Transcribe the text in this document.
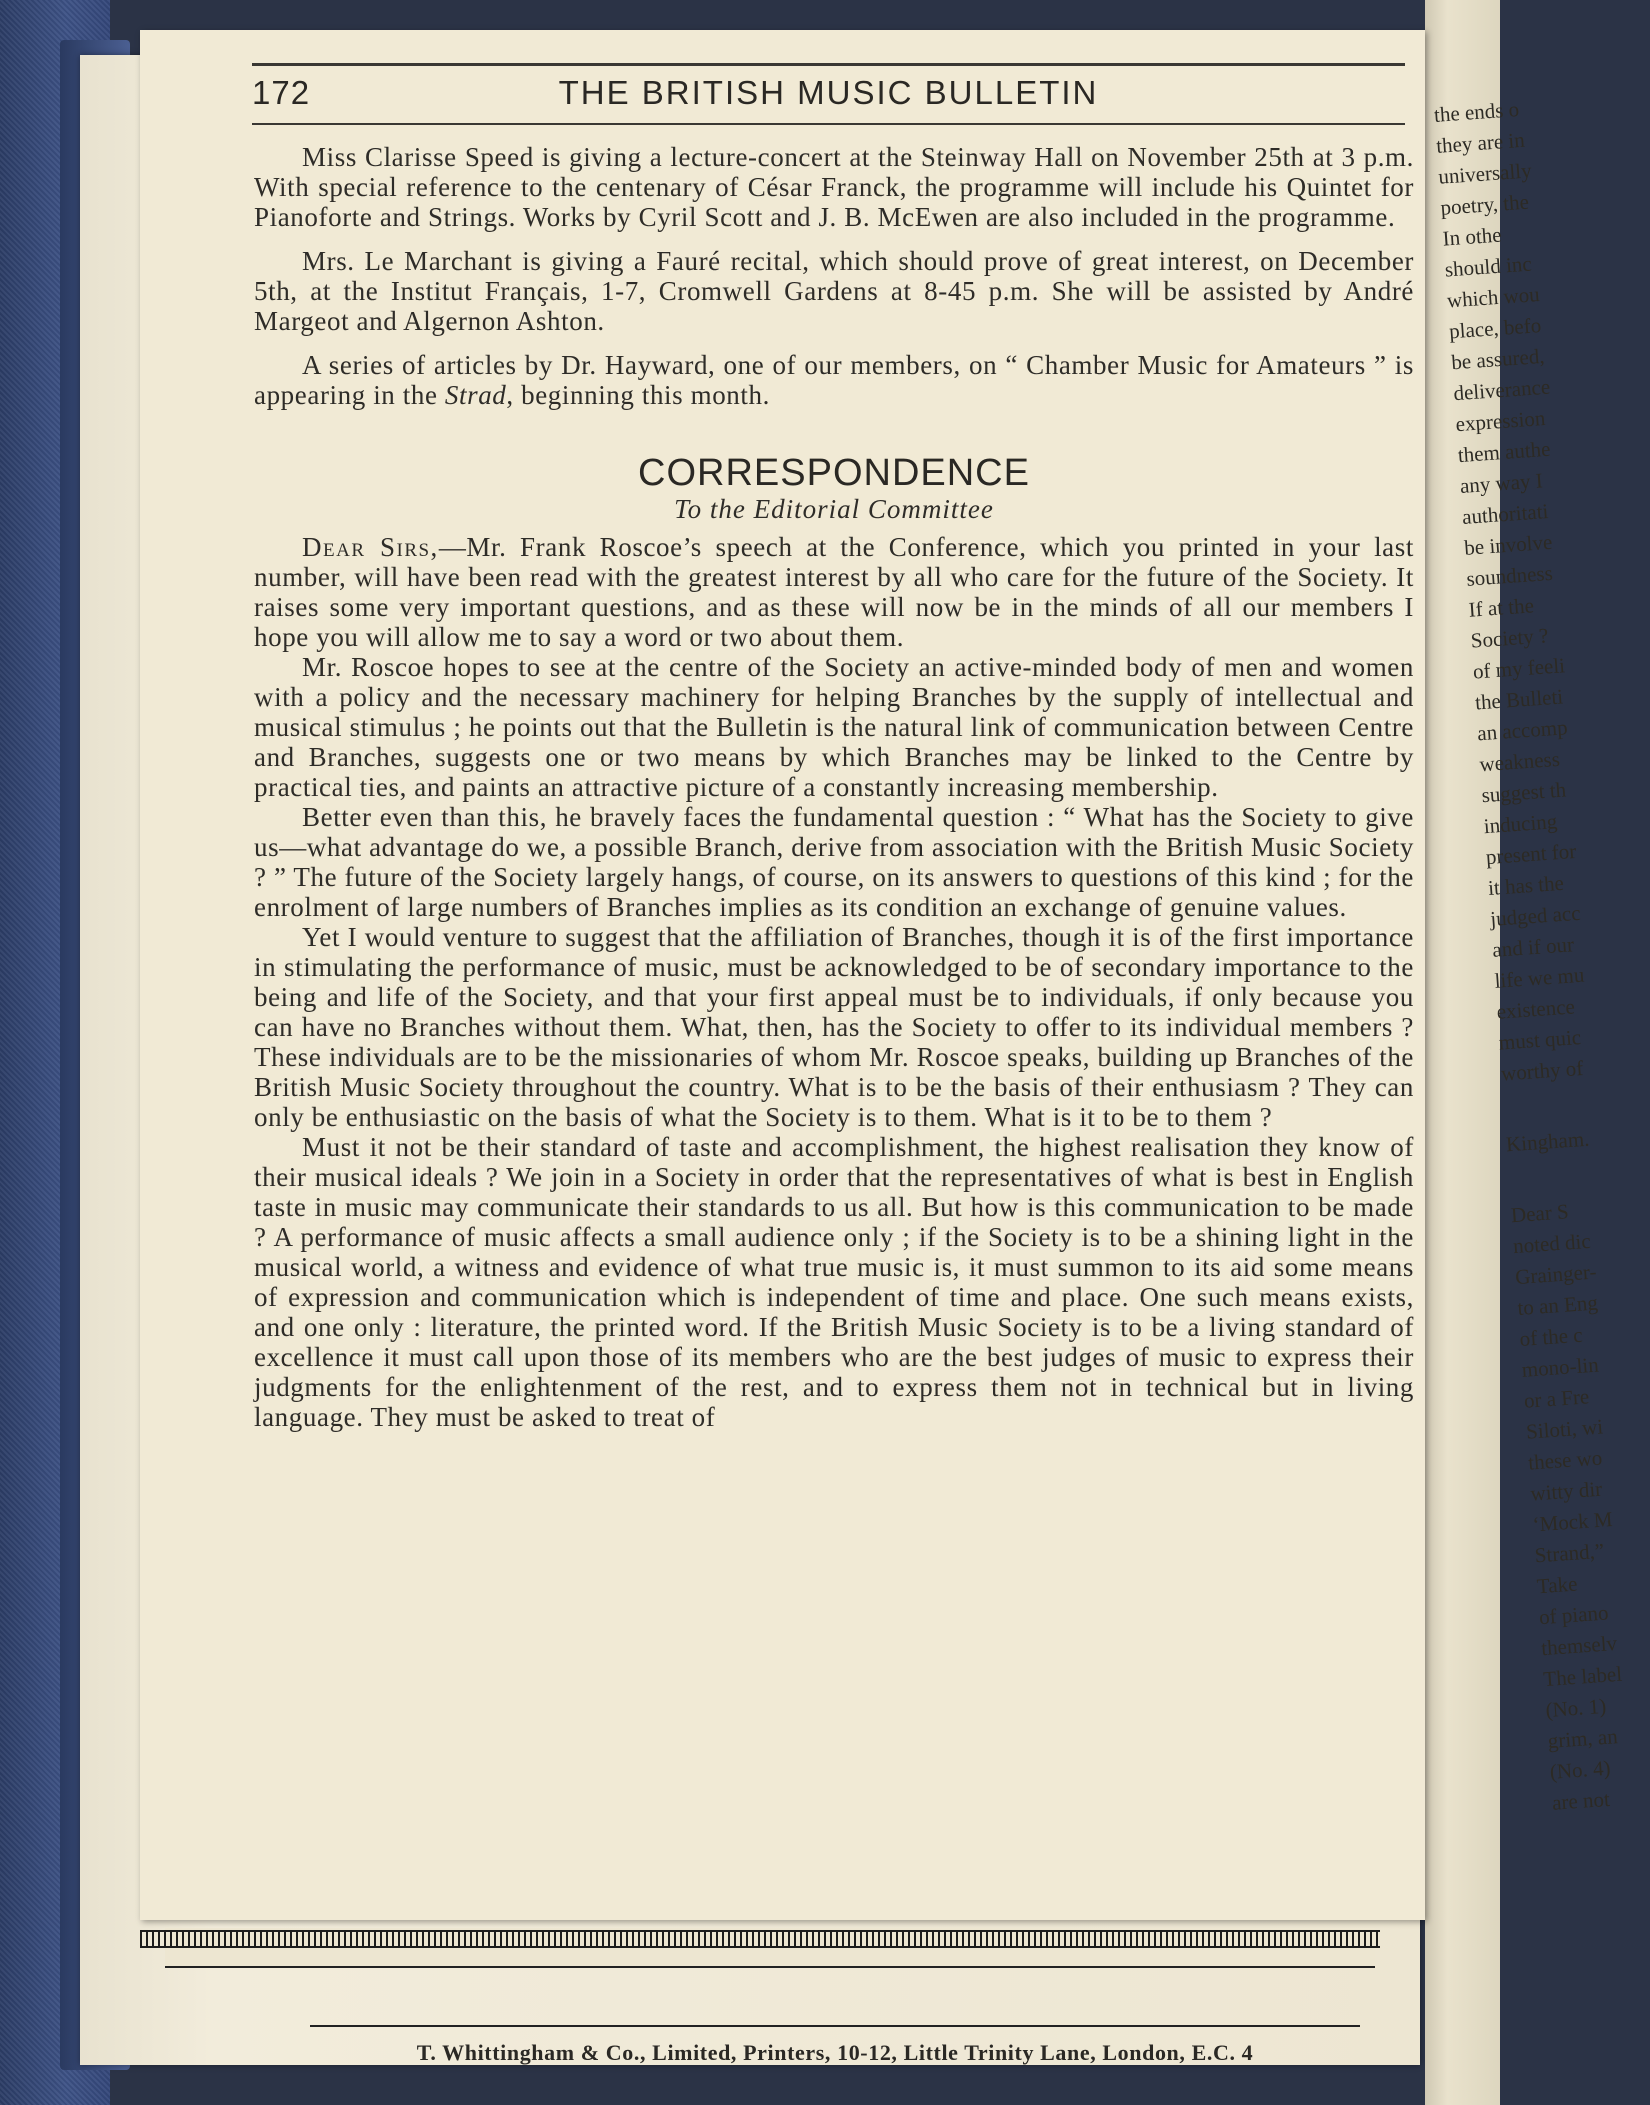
the ends o
they are in
universally
poetry, the
In othe
should inc
which wou
place, befo
be assured,
deliverance
expression
them authe
any way I
authoritati
be involve
soundness
If at the
Society ?
of my feeli
the Bulleti
an accomp
weakness
suggest th
inducing
present for
it has the
judged acc
and if our
life we mu
existence
must quic
worthy of
Kingham.
Dear S
noted dic
Grainger-
to an Eng
of the c
mono-lin
or a Fre
Siloti, wi
these wo
witty dir
‘Mock M
Strand,”
Take
of piano
themselv
The label
(No. 1)
grim, an
(No. 4)
are not
172	THE BRITISH MUSIC BULLETIN

Miss Clarisse Speed is giving a lecture-concert at the Steinway Hall on November 25th at 3 p.m. With special reference to the centenary of César Franck, the programme will include his Quintet for Pianoforte and Strings. Works by Cyril Scott and J. B. McEwen are also included in the programme.

Mrs. Le Marchant is giving a Fauré recital, which should prove of great interest, on December 5th, at the Institut Français, 1-7, Cromwell Gardens at 8-45 p.m. She will be assisted by André Margeot and Algernon Ashton.

A series of articles by Dr. Hayward, one of our members, on “ Chamber Music for Amateurs ” is appearing in the Strad, beginning this month.

CORRESPONDENCE
To the Editorial Committee

Dear Sirs,—Mr. Frank Roscoe’s speech at the Conference, which you printed in your last number, will have been read with the greatest interest by all who care for the future of the Society. It raises some very important questions, and as these will now be in the minds of all our members I hope you will allow me to say a word or two about them.

Mr. Roscoe hopes to see at the centre of the Society an active-minded body of men and women with a policy and the necessary machinery for helping Branches by the supply of intellectual and musical stimulus ; he points out that the Bulletin is the natural link of communication between Centre and Branches, suggests one or two means by which Branches may be linked to the Centre by practical ties, and paints an attractive picture of a constantly increasing membership.

Better even than this, he bravely faces the fundamental question : “ What has the Society to give us—what advantage do we, a possible Branch, derive from association with the British Music Society ? ” The future of the Society largely hangs, of course, on its answers to questions of this kind ; for the enrolment of large numbers of Branches implies as its condition an exchange of genuine values.

Yet I would venture to suggest that the affiliation of Branches, though it is of the first importance in stimulating the performance of music, must be acknowledged to be of secondary importance to the being and life of the Society, and that your first appeal must be to individuals, if only because you can have no Branches without them. What, then, has the Society to offer to its individual members ? These individuals are to be the missionaries of whom Mr. Roscoe speaks, building up Branches of the British Music Society throughout the country. What is to be the basis of their enthusiasm ? They can only be enthusiastic on the basis of what the Society is to them. What is it to be to them ?

Must it not be their standard of taste and accomplishment, the highest realisation they know of their musical ideals ? We join in a Society in order that the representatives of what is best in English taste in music may communicate their standards to us all. But how is this communication to be made ? A performance of music affects a small audience only ; if the Society is to be a shining light in the musical world, a witness and evidence of what true music is, it must summon to its aid some means of expression and communication which is independent of time and place. One such means exists, and one only : literature, the printed word. If the British Music Society is to be a living standard of excellence it must call upon those of its members who are the best judges of music to express their judgments for the enlightenment of the rest, and to express them not in technical but in living language. They must be asked to treat of

T. Whittingham & Co., Limited, Printers, 10-12, Little Trinity Lane, London, E.C. 4
